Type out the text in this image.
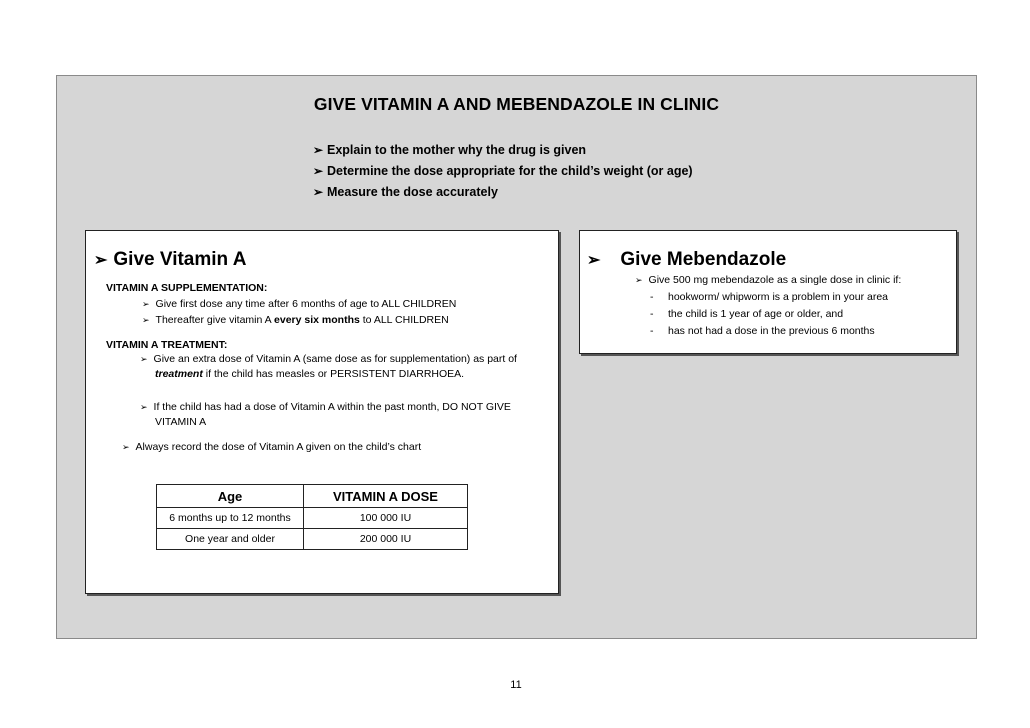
GIVE VITAMIN A AND MEBENDAZOLE IN CLINIC
➢ Explain to the mother why the drug is given
➢ Determine the dose appropriate for the child’s weight (or age)
➢ Measure the dose accurately
➢ Give Vitamin A
VITAMIN A SUPPLEMENTATION:
➢ Give first dose any time after 6 months of age to ALL CHILDREN
➢ Thereafter give vitamin A every six months to ALL CHILDREN
VITAMIN A TREATMENT:
➢ Give an extra dose of Vitamin A (same dose as for supplementation) as part of
treatment if the child has measles or PERSISTENT DIARRHOEA.
➢ If the child has had a dose of Vitamin A within the past month, DO NOT GIVE
VITAMIN A
➢ Always record the dose of Vitamin A given on the child’s chart
Age	VITAMIN A DOSE
6 months up to 12 months	100 000 IU
One year and older	200 000 IU
➢ Give Mebendazole
➢ Give 500 mg mebendazole as a single dose in clinic if:
- hookworm/ whipworm is a problem in your area
- the child is 1 year of age or older, and
- has not had a dose in the previous 6 months
11
